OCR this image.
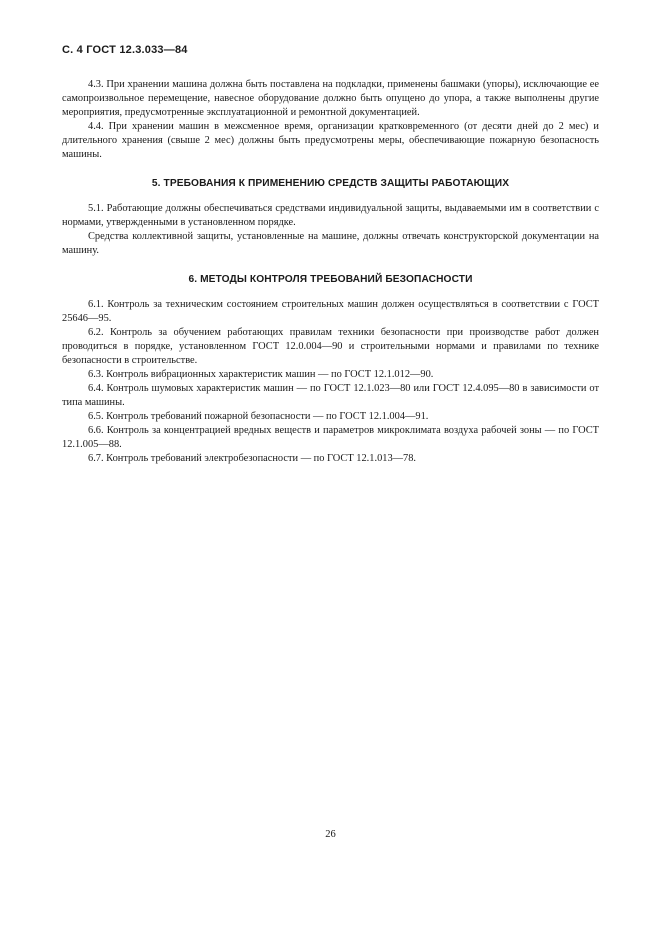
С. 4 ГОСТ 12.3.033—84

4.3. При хранении машина должна быть поставлена на подкладки, применены башмаки (упоры), исключающие ее самопроизвольное перемещение, навесное оборудование должно быть опущено до упора, а также выполнены другие мероприятия, предусмотренные эксплуатационной и ремонтной документацией.

4.4. При хранении машин в межсменное время, организации кратковременного (от десяти дней до 2 мес) и длительного хранения (свыше 2 мес) должны быть предусмотрены меры, обеспечивающие пожарную безопасность машины.

5. ТРЕБОВАНИЯ К ПРИМЕНЕНИЮ СРЕДСТВ ЗАЩИТЫ РАБОТАЮЩИХ

5.1. Работающие должны обеспечиваться средствами индивидуальной защиты, выдаваемыми им в соответствии с нормами, утвержденными в установленном порядке.

Средства коллективной защиты, установленные на машине, должны отвечать конструкторской документации на машину.

6. МЕТОДЫ КОНТРОЛЯ ТРЕБОВАНИЙ БЕЗОПАСНОСТИ

6.1. Контроль за техническим состоянием строительных машин должен осуществляться в соответствии с ГОСТ 25646—95.

6.2. Контроль за обучением работающих правилам техники безопасности при производстве работ должен проводиться в порядке, установленном ГОСТ 12.0.004—90 и строительными нормами и правилами по технике безопасности в строительстве.

6.3. Контроль вибрационных характеристик машин — по ГОСТ 12.1.012—90.

6.4. Контроль шумовых характеристик машин — по ГОСТ 12.1.023—80 или ГОСТ 12.4.095—80 в зависимости от типа машины.

6.5. Контроль требований пожарной безопасности — по ГОСТ 12.1.004—91.

6.6. Контроль за концентрацией вредных веществ и параметров микроклимата воздуха рабочей зоны — по ГОСТ 12.1.005—88.

6.7. Контроль требований электробезопасности — по ГОСТ 12.1.013—78.

26
